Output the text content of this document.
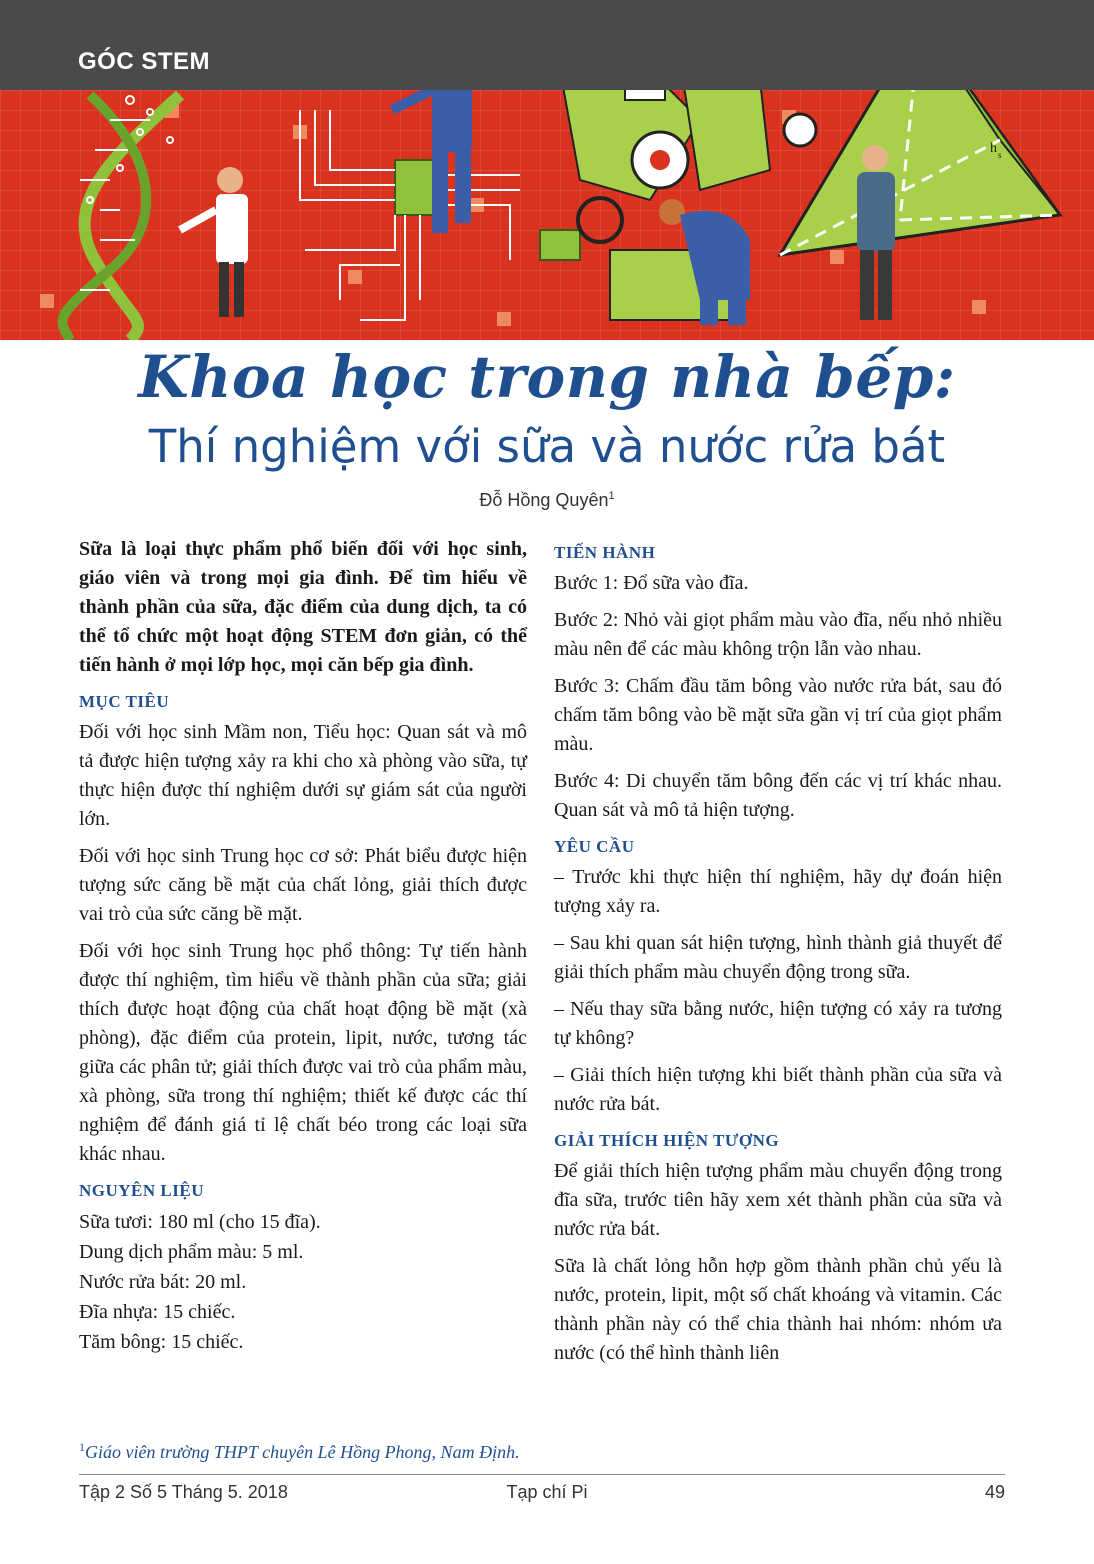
GÓC STEM
h s
Khoa học trong nhà bếp:
Thí nghiệm với sữa và nước rửa bát
Đỗ Hồng Quyên$^1$

Sữa là loại thực phẩm phổ biến đối với học sinh, giáo viên và trong mọi gia đình. Để tìm hiểu về thành phần của sữa, đặc điểm của dung dịch, ta có thể tổ chức một hoạt động STEM đơn giản, có thể tiến hành ở mọi lớp học, mọi căn bếp gia đình.

MỤC TIÊU

Đối với học sinh Mầm non, Tiểu học: Quan sát và mô tả được hiện tượng xảy ra khi cho xà phòng vào sữa, tự thực hiện được thí nghiệm dưới sự giám sát của người lớn.

Đối với học sinh Trung học cơ sở: Phát biểu được hiện tượng sức căng bề mặt của chất lỏng, giải thích được vai trò của sức căng bề mặt.

Đối với học sinh Trung học phổ thông: Tự tiến hành được thí nghiệm, tìm hiểu về thành phần của sữa; giải thích được hoạt động của chất hoạt động bề mặt (xà phòng), đặc điểm của protein, lipit, nước, tương tác giữa các phân tử; giải thích được vai trò của phẩm màu, xà phòng, sữa trong thí nghiệm; thiết kế được các thí nghiệm để đánh giá tỉ lệ chất béo trong các loại sữa khác nhau.

NGUYÊN LIỆU

Sữa tươi: 180 ml (cho 15 đĩa).

Dung dịch phẩm màu: 5 ml.

Nước rửa bát: 20 ml.

Đĩa nhựa: 15 chiếc.

Tăm bông: 15 chiếc.

TIẾN HÀNH

Bước 1: Đổ sữa vào đĩa.

Bước 2: Nhỏ vài giọt phẩm màu vào đĩa, nếu nhỏ nhiều màu nên để các màu không trộn lẫn vào nhau.

Bước 3: Chấm đầu tăm bông vào nước rửa bát, sau đó chấm tăm bông vào bề mặt sữa gần vị trí của giọt phẩm màu.

Bước 4: Di chuyển tăm bông đến các vị trí khác nhau. Quan sát và mô tả hiện tượng.

YÊU CẦU

– Trước khi thực hiện thí nghiệm, hãy dự đoán hiện tượng xảy ra.

– Sau khi quan sát hiện tượng, hình thành giả thuyết để giải thích phẩm màu chuyển động trong sữa.

– Nếu thay sữa bằng nước, hiện tượng có xảy ra tương tự không?

– Giải thích hiện tượng khi biết thành phần của sữa và nước rửa bát.

GIẢI THÍCH HIỆN TƯỢNG

Để giải thích hiện tượng phẩm màu chuyển động trong đĩa sữa, trước tiên hãy xem xét thành phần của sữa và nước rửa bát.

Sữa là chất lỏng hỗn hợp gồm thành phần chủ yếu là nước, protein, lipit, một số chất khoáng và vitamin. Các thành phần này có thể chia thành hai nhóm: nhóm ưa nước (có thể hình thành liên

$^1$Giáo viên trường THPT chuyên Lê Hồng Phong, Nam Định.
Tập 2 Số 5 Tháng 5. 2018	Tạp chí Pi	49
